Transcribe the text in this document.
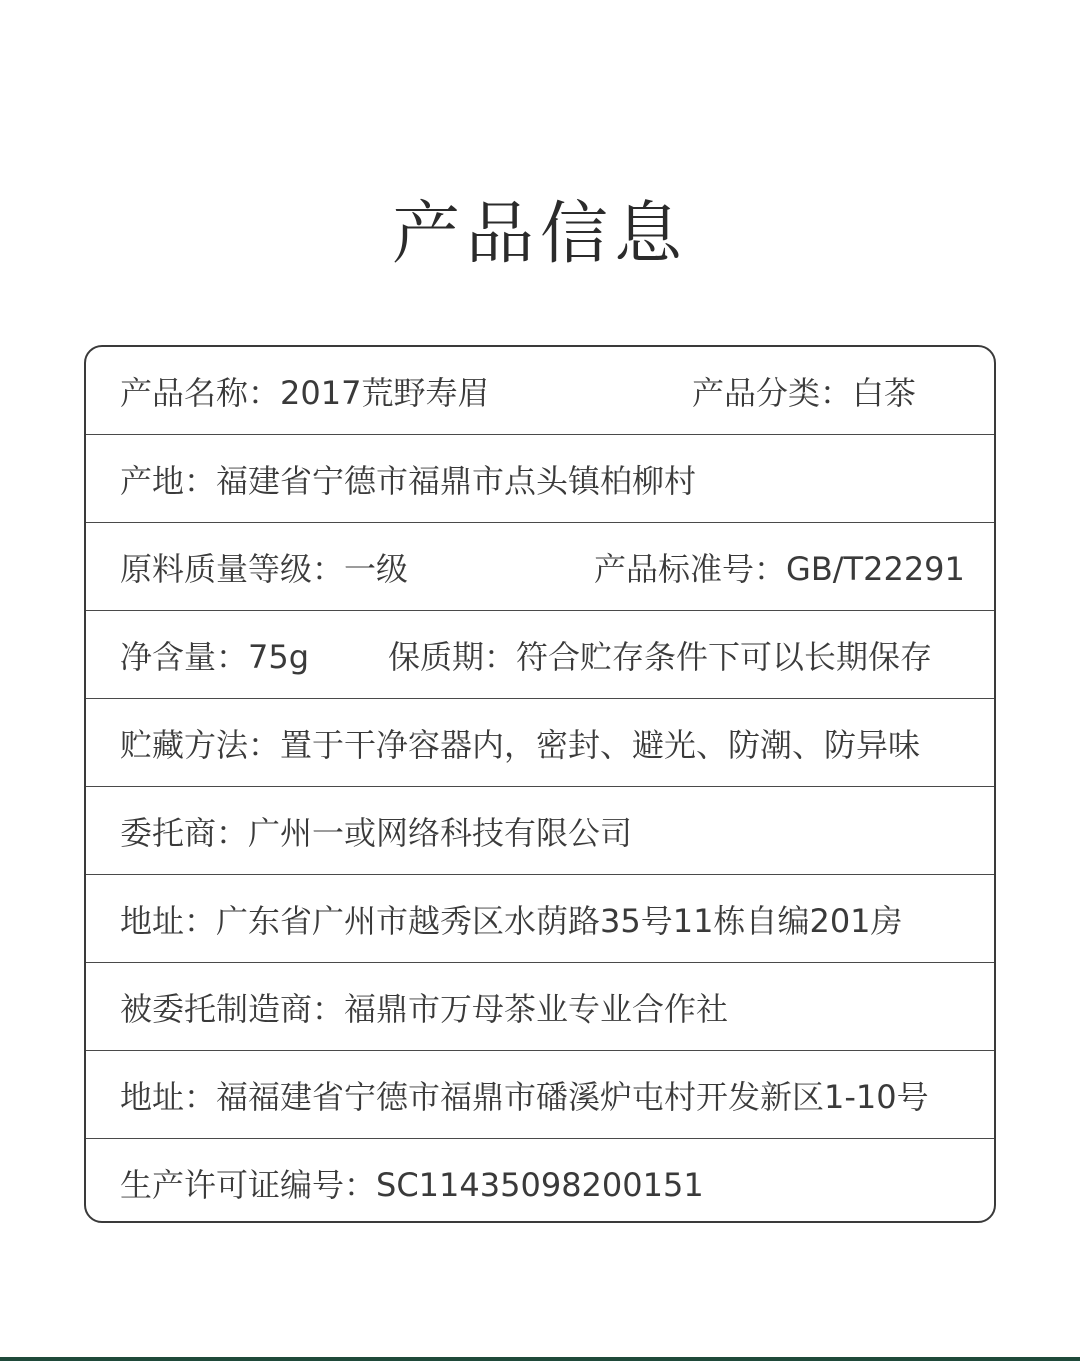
产品信息
产品名称：2017荒野寿眉	产品分类：白茶
产地：福建省宁德市福鼎市点头镇柏柳村
原料质量等级：一级	产品标准号：GB/T22291
净含量：75g 保质期：符合贮存条件下可以长期保存
贮藏方法：置于干净容器内，密封、避光、防潮、防异味
委托商：广州一或网络科技有限公司
地址：广东省广州市越秀区水荫路35号11栋自编201房
被委托制造商：福鼎市万母茶业专业合作社
地址：福福建省宁德市福鼎市磻溪炉屯村开发新区1-10号
生产许可证编号：SC11435098200151
